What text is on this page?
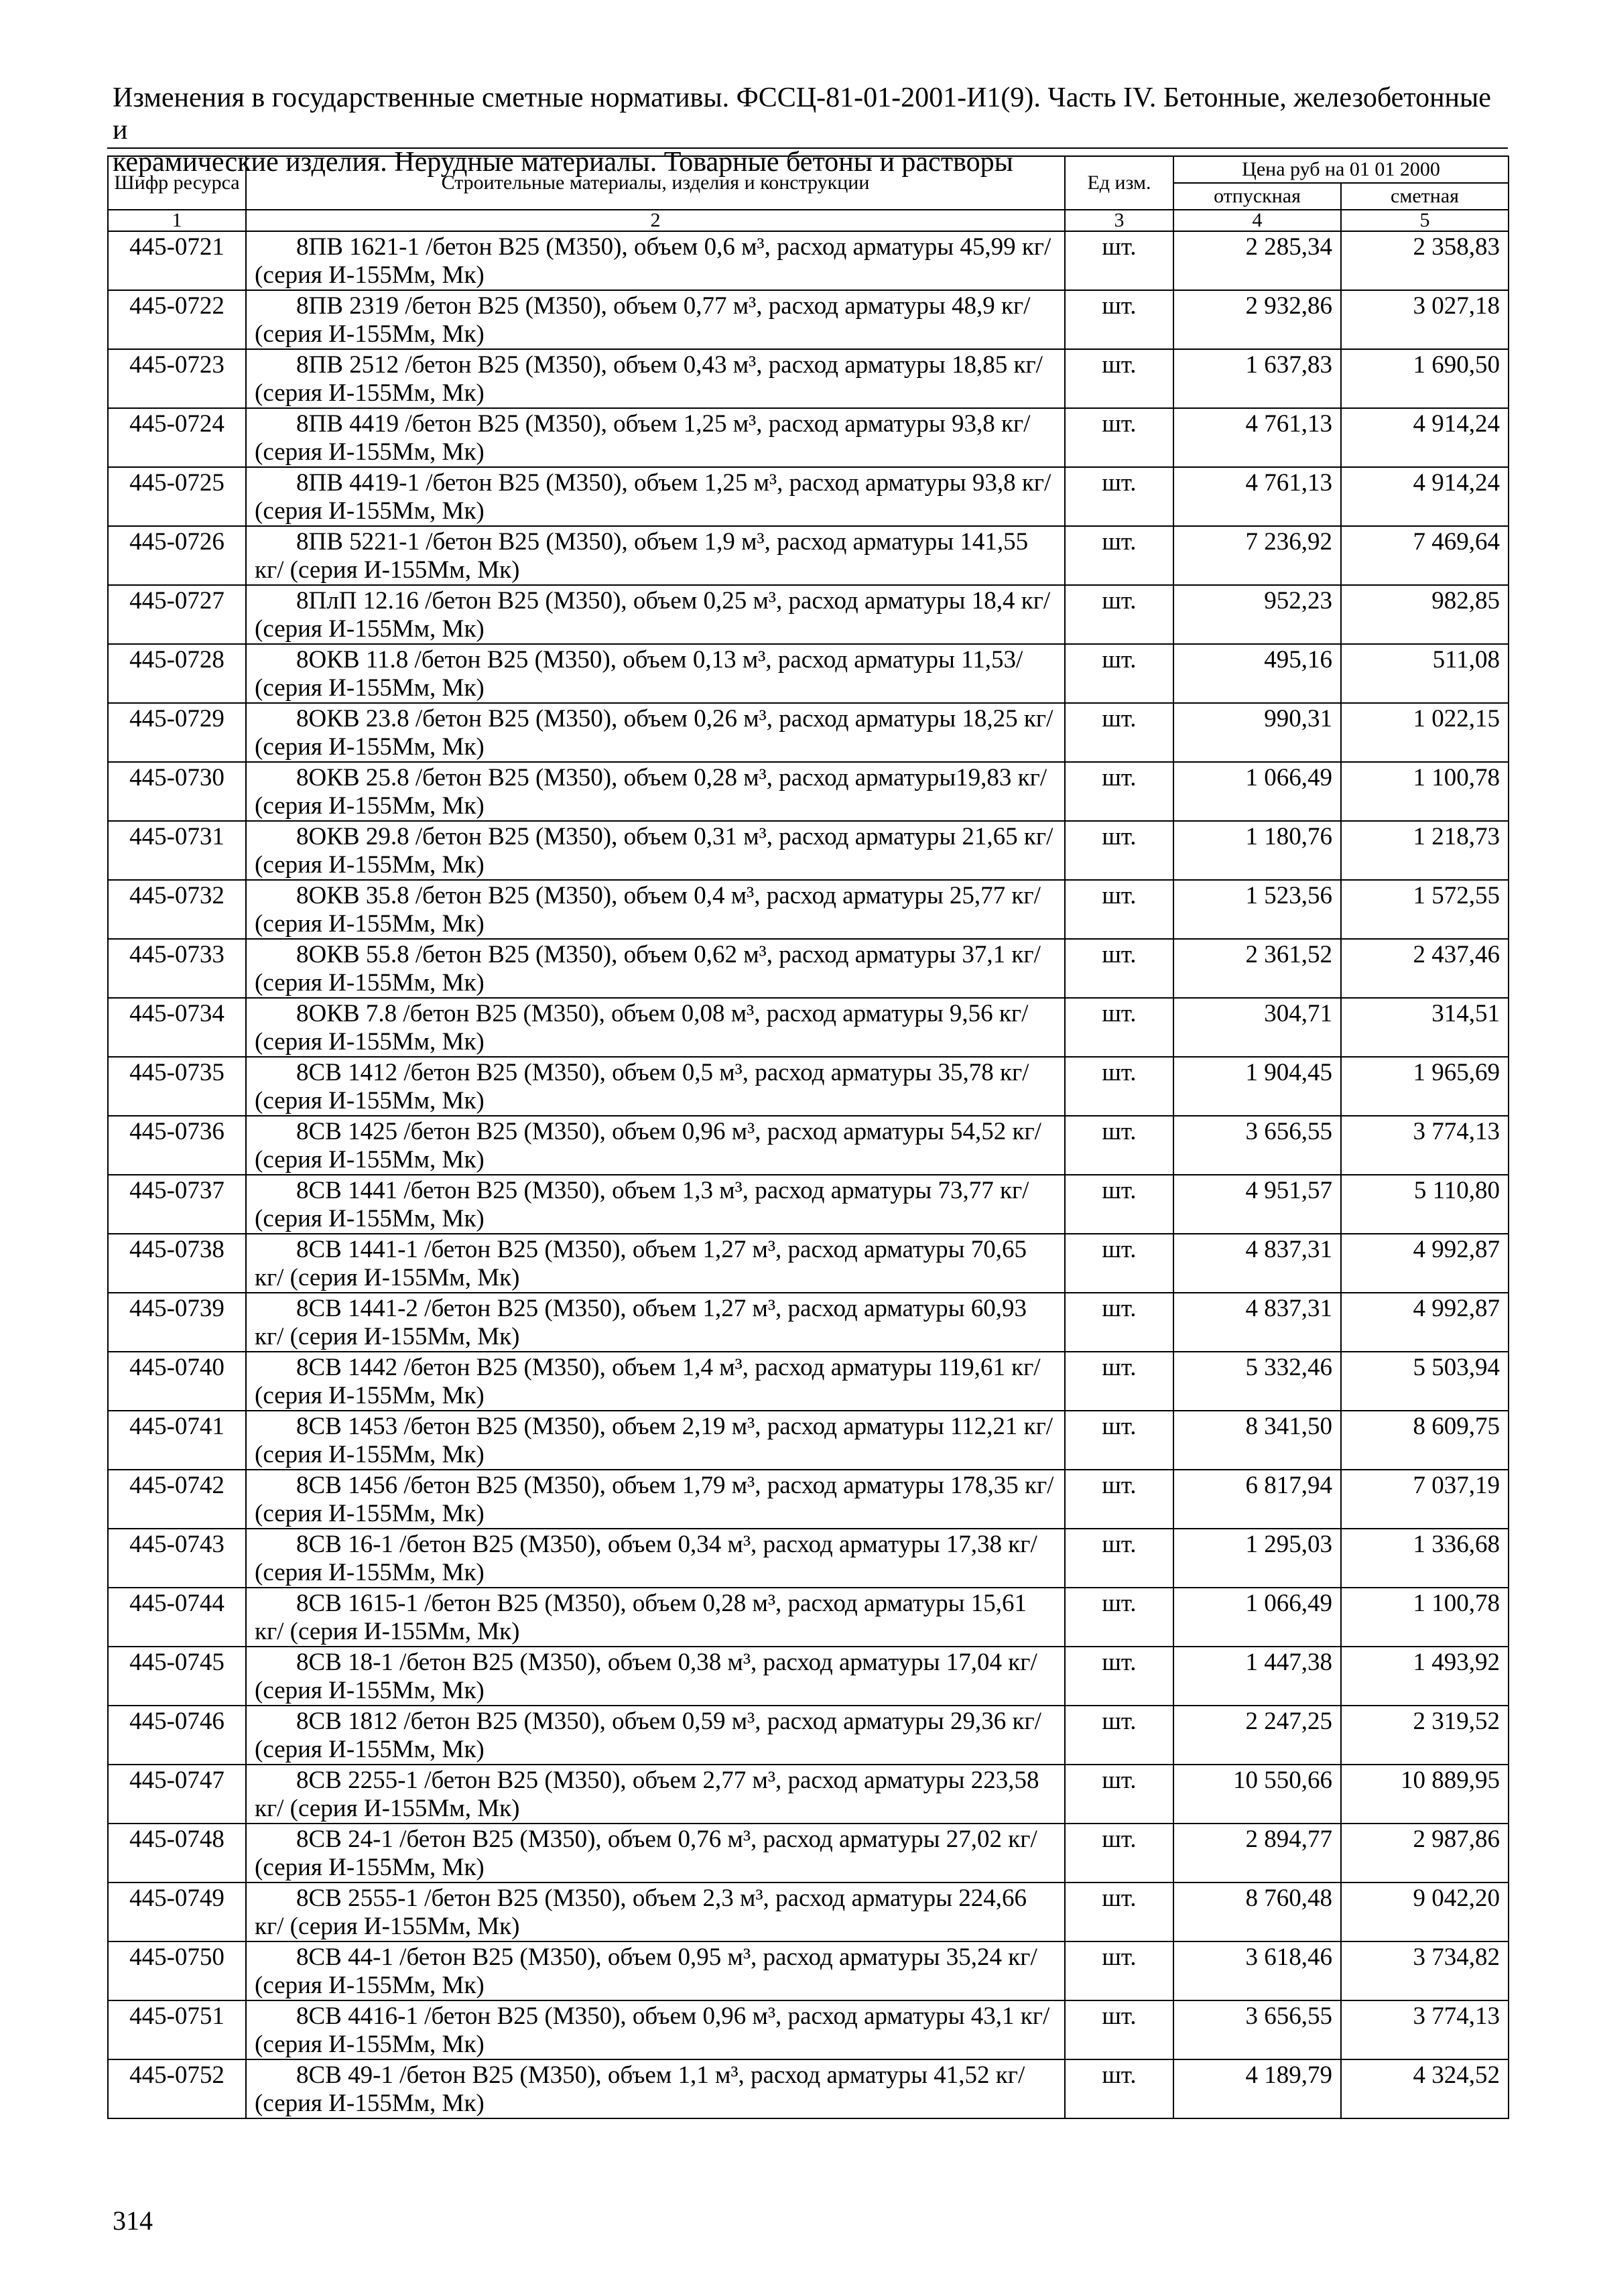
Изменения в государственные сметные нормативы. ФССЦ-81-01-2001-И1(9). Часть IV. Бетонные, железобетонные и
керамические изделия. Нерудные материалы. Товарные бетоны и растворы
Шифр ресурса	Строительные материалы, изделия и конструкции	Ед изм.	Цена руб на 01 01 2000	
			отпускная	сметная
1	2	3	4	5
445-0721	8ПВ 1621-1 /бетон В25 (М350), объем 0,6 м³, расход арматуры 45,99 кг/ (серия И-155Мм, Мк)	шт.	2 285,34	2 358,83
445-0722	8ПВ 2319 /бетон В25 (М350), объем 0,77 м³, расход арматуры 48,9 кг/ (серия И-155Мм, Мк)	шт.	2 932,86	3 027,18
445-0723	8ПВ 2512 /бетон В25 (М350), объем 0,43 м³, расход арматуры 18,85 кг/ (серия И-155Мм, Мк)	шт.	1 637,83	1 690,50
445-0724	8ПВ 4419 /бетон В25 (М350), объем 1,25 м³, расход арматуры 93,8 кг/ (серия И-155Мм, Мк)	шт.	4 761,13	4 914,24
445-0725	8ПВ 4419-1 /бетон В25 (М350), объем 1,25 м³, расход арматуры 93,8 кг/ (серия И-155Мм, Мк)	шт.	4 761,13	4 914,24
445-0726	8ПВ 5221-1 /бетон В25 (М350), объем 1,9 м³, расход арматуры 141,55 кг/ (серия И-155Мм, Мк)	шт.	7 236,92	7 469,64
445-0727	8ПлП 12.16 /бетон В25 (М350), объем 0,25 м³, расход арматуры 18,4 кг/ (серия И-155Мм, Мк)	шт.	952,23	982,85
445-0728	8ОКВ 11.8 /бетон В25 (М350), объем 0,13 м³, расход арматуры 11,53/ (серия И-155Мм, Мк)	шт.	495,16	511,08
445-0729	8ОКВ 23.8 /бетон В25 (М350), объем 0,26 м³, расход арматуры 18,25 кг/ (серия И-155Мм, Мк)	шт.	990,31	1 022,15
445-0730	8ОКВ 25.8 /бетон В25 (М350), объем 0,28 м³, расход арматуры19,83 кг/ (серия И-155Мм, Мк)	шт.	1 066,49	1 100,78
445-0731	8ОКВ 29.8 /бетон В25 (М350), объем 0,31 м³, расход арматуры 21,65 кг/ (серия И-155Мм, Мк)	шт.	1 180,76	1 218,73
445-0732	8ОКВ 35.8 /бетон В25 (М350), объем 0,4 м³, расход арматуры 25,77 кг/ (серия И-155Мм, Мк)	шт.	1 523,56	1 572,55
445-0733	8ОКВ 55.8 /бетон В25 (М350), объем 0,62 м³, расход арматуры 37,1 кг/ (серия И-155Мм, Мк)	шт.	2 361,52	2 437,46
445-0734	8ОКВ 7.8 /бетон В25 (М350), объем 0,08 м³, расход арматуры 9,56 кг/ (серия И-155Мм, Мк)	шт.	304,71	314,51
445-0735	8СВ 1412 /бетон В25 (М350), объем 0,5 м³, расход арматуры 35,78 кг/ (серия И-155Мм, Мк)	шт.	1 904,45	1 965,69
445-0736	8СВ 1425 /бетон В25 (М350), объем 0,96 м³, расход арматуры 54,52 кг/ (серия И-155Мм, Мк)	шт.	3 656,55	3 774,13
445-0737	8СВ 1441 /бетон В25 (М350), объем 1,3 м³, расход арматуры 73,77 кг/ (серия И-155Мм, Мк)	шт.	4 951,57	5 110,80
445-0738	8СВ 1441-1 /бетон В25 (М350), объем 1,27 м³, расход арматуры 70,65 кг/ (серия И-155Мм, Мк)	шт.	4 837,31	4 992,87
445-0739	8СВ 1441-2 /бетон В25 (М350), объем 1,27 м³, расход арматуры 60,93 кг/ (серия И-155Мм, Мк)	шт.	4 837,31	4 992,87
445-0740	8СВ 1442 /бетон В25 (М350), объем 1,4 м³, расход арматуры 119,61 кг/ (серия И-155Мм, Мк)	шт.	5 332,46	5 503,94
445-0741	8СВ 1453 /бетон В25 (М350), объем 2,19 м³, расход арматуры 112,21 кг/ (серия И-155Мм, Мк)	шт.	8 341,50	8 609,75
445-0742	8СВ 1456 /бетон В25 (М350), объем 1,79 м³, расход арматуры 178,35 кг/ (серия И-155Мм, Мк)	шт.	6 817,94	7 037,19
445-0743	8СВ 16-1 /бетон В25 (М350), объем 0,34 м³, расход арматуры 17,38 кг/ (серия И-155Мм, Мк)	шт.	1 295,03	1 336,68
445-0744	8СВ 1615-1 /бетон В25 (М350), объем 0,28 м³, расход арматуры 15,61 кг/ (серия И-155Мм, Мк)	шт.	1 066,49	1 100,78
445-0745	8СВ 18-1 /бетон В25 (М350), объем 0,38 м³, расход арматуры 17,04 кг/ (серия И-155Мм, Мк)	шт.	1 447,38	1 493,92
445-0746	8СВ 1812 /бетон В25 (М350), объем 0,59 м³, расход арматуры 29,36 кг/ (серия И-155Мм, Мк)	шт.	2 247,25	2 319,52
445-0747	8СВ 2255-1 /бетон В25 (М350), объем 2,77 м³, расход арматуры 223,58 кг/ (серия И-155Мм, Мк)	шт.	10 550,66	10 889,95
445-0748	8СВ 24-1 /бетон В25 (М350), объем 0,76 м³, расход арматуры 27,02 кг/ (серия И-155Мм, Мк)	шт.	2 894,77	2 987,86
445-0749	8СВ 2555-1 /бетон В25 (М350), объем 2,3 м³, расход арматуры 224,66 кг/ (серия И-155Мм, Мк)	шт.	8 760,48	9 042,20
445-0750	8СВ 44-1 /бетон В25 (М350), объем 0,95 м³, расход арматуры 35,24 кг/ (серия И-155Мм, Мк)	шт.	3 618,46	3 734,82
445-0751	8СВ 4416-1 /бетон В25 (М350), объем 0,96 м³, расход арматуры 43,1 кг/ (серия И-155Мм, Мк)	шт.	3 656,55	3 774,13
445-0752	8СВ 49-1 /бетон В25 (М350), объем 1,1 м³, расход арматуры 41,52 кг/ (серия И-155Мм, Мк)	шт.	4 189,79	4 324,52
314
